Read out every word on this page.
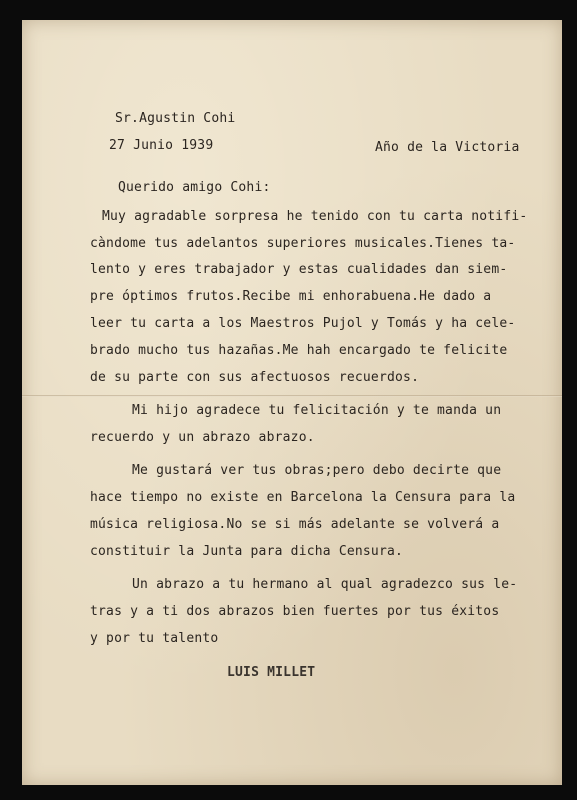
Sr.Agustin Cohi

27 Junio 1939	Año de la Victoria

Querido amigo Cohi:

Muy agradable sorpresa he tenido con tu carta notifi-

càndome tus adelantos superiores musicales.Tienes ta-

lento y eres trabajador y estas cualidades dan siem-

pre óptimos frutos.Recibe mi enhorabuena.He dado a

leer tu carta a los Maestros Pujol y Tomás y ha cele-

brado mucho tus hazañas.Me hah encargado te felicite

de su parte con sus afectuosos recuerdos.

Mi hijo agradece tu felicitación y te manda un

recuerdo y un abrazo abrazo.

Me gustará ver tus obras;pero debo decirte que

hace tiempo no existe en Barcelona la Censura para la

música religiosa.No se si más adelante se volverá a

constituir la Junta para dicha Censura.

Un abrazo a tu hermano al qual agradezco sus le-

tras y a ti dos abrazos bien fuertes por tus éxitos

y por tu talento

LUIS MILLET
